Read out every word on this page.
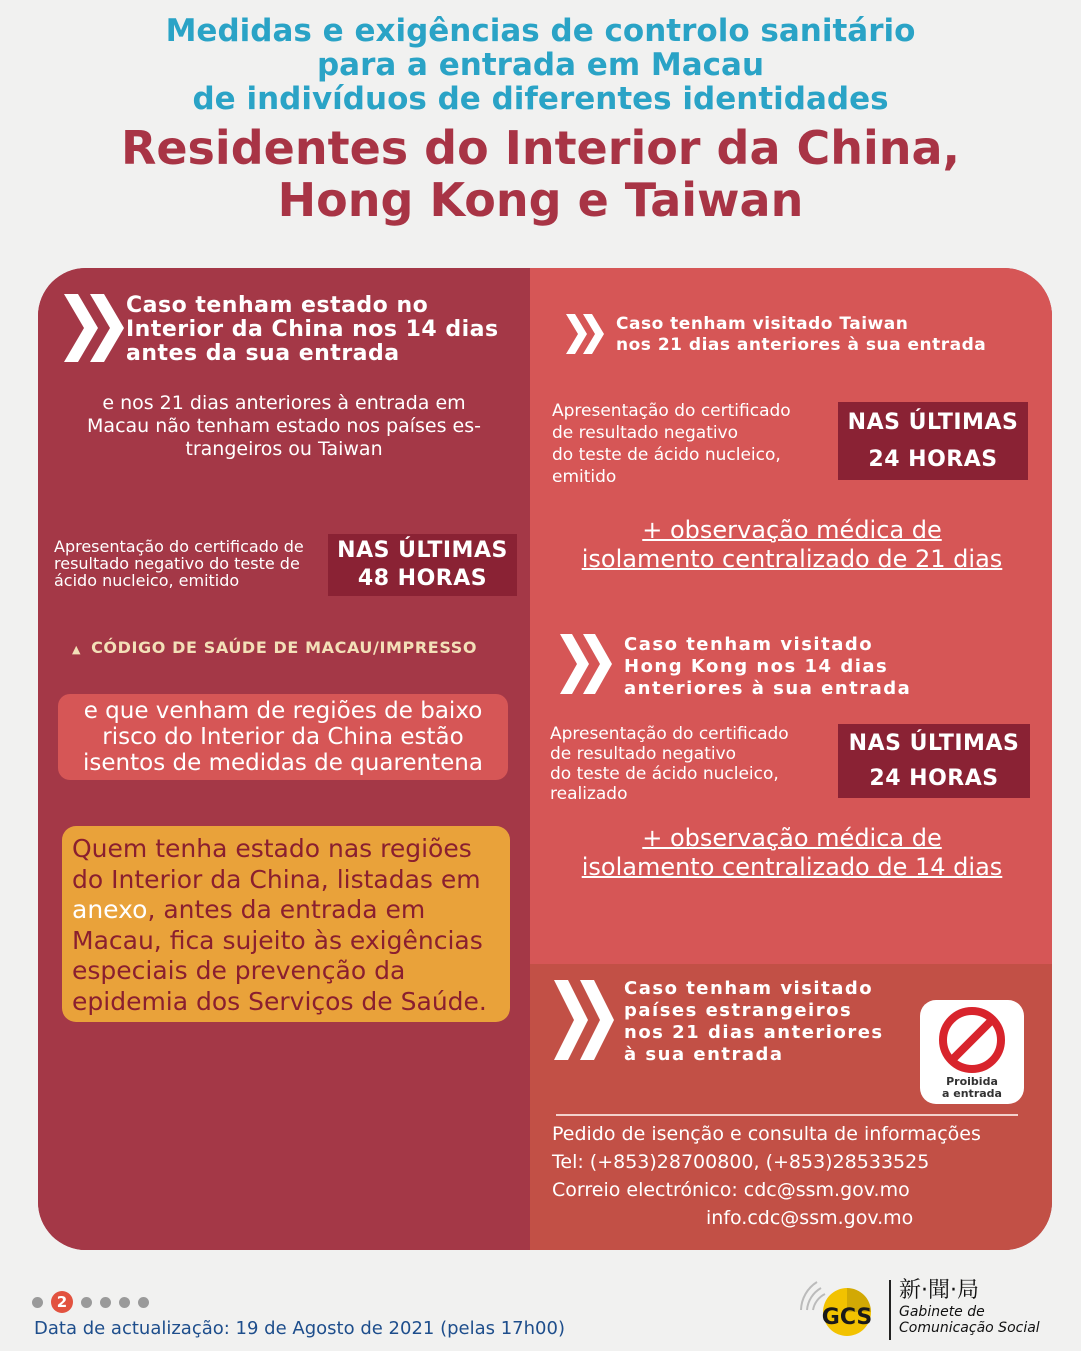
Medidas e exigências de controlo sanitário
para a entrada em Macau
de indivíduos de diferentes identidades
Residentes do Interior da China,
Hong Kong e Taiwan
Caso tenham estado no
Interior da China nos 14 dias
antes da sua entrada
e nos 21 dias anteriores à entrada em
Macau não tenham estado nos países es-
trangeiros ou Taiwan
Apresentação do certificado de
resultado negativo do teste de
ácido nucleico, emitido
NAS ÚLTIMAS
48 HORAS
▲ CÓDIGO DE SAÚDE DE MACAU/IMPRESSO
e que venham de regiões de baixo
risco do Interior da China estão
isentos de medidas de quarentena
Quem tenha estado nas regiões
do Interior da China, listadas em
anexo, antes da entrada em
Macau, fica sujeito às exigências
especiais de prevenção da
epidemia dos Serviços de Saúde.
Caso tenham visitado Taiwan
nos 21 dias anteriores à sua entrada
Apresentação do certificado
de resultado negativo
do teste de ácido nucleico,
emitido
NAS ÚLTIMAS
24 HORAS
+ observação médica de
isolamento centralizado de 21 dias
Caso tenham visitado
Hong Kong nos 14 dias
anteriores à sua entrada
Apresentação do certificado
de resultado negativo
do teste de ácido nucleico,
realizado
NAS ÚLTIMAS
24 HORAS
+ observação médica de
isolamento centralizado de 14 dias
Caso tenham visitado
países estrangeiros
nos 21 dias anteriores
à sua entrada
Proibida
a entrada
Pedido de isenção e consulta de informações
Tel: (+853)28700800, (+853)28533525
Correio electrónico: cdc@ssm.gov.mo
info.cdc@ssm.gov.mo
2
Data de actualização: 19 de Agosto de 2021 (pelas 17h00)	GCS
新·聞·局
Gabinete de
Comunicação Social
